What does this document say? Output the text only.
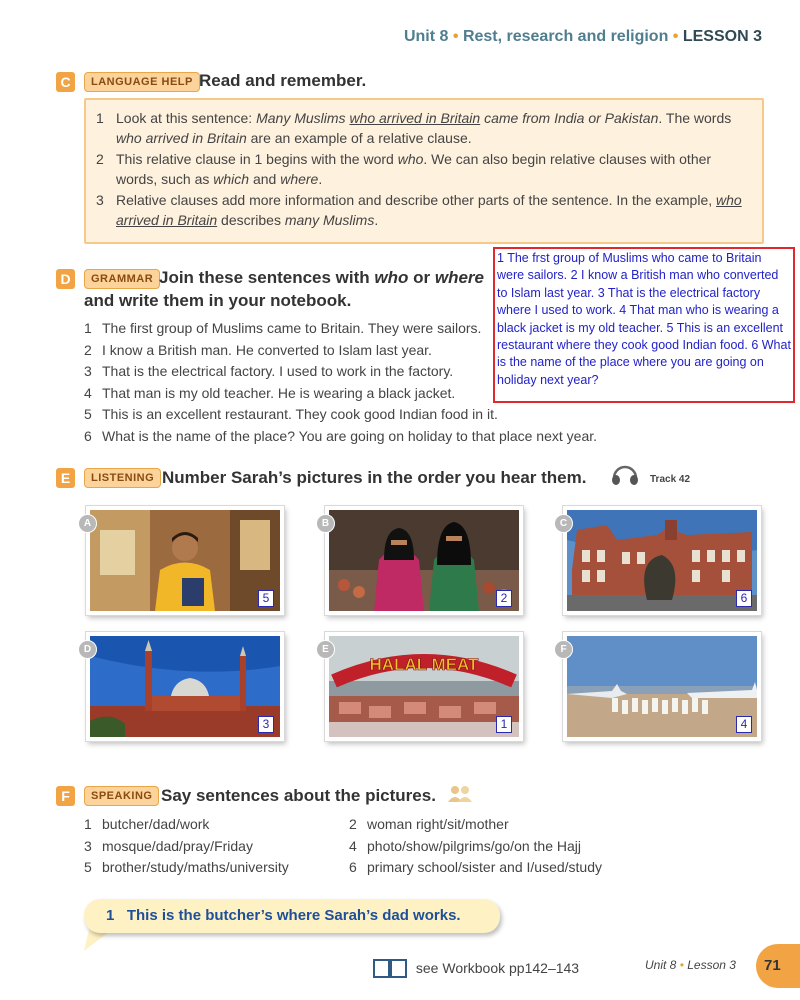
Unit 8 • Rest, research and religion • LESSON 3
C	LANGUAGE HELP Read and remember.
1 Look at this sentence: Many Muslims who arrived in Britain came from India or Pakistan. The words who arrived in Britain are an example of a relative clause.
2 This relative clause in 1 begins with the word who. We can also begin relative clauses with other words, such as which and where.
3 Relative clauses add more information and describe other parts of the sentence. In the example, who arrived in Britain describes many Muslims.
D	GRAMMAR Join these sentences with who or where
and write them in your notebook.
1 The first group of Muslims came to Britain. They were sailors.
2 I know a British man. He converted to Islam last year.
3 That is the electrical factory. I used to work in the factory.
4 That man is my old teacher. He is wearing a black jacket.
5 This is an excellent restaurant. They cook good Indian food in it.
6 What is the name of the place? You are going on holiday to that place next year.
1 The frst group of Muslims who came to Britain were sailors. 2 I know a British man who converted to Islam last year. 3 That is the electrical factory where I used to work. 4 That man who is wearing a black jacket is my old teacher. 5 This is an excellent restaurant where they cook good Indian food. 6 What is the name of the place where you are going on holiday next year?
E	LISTENING Number Sarah’s pictures in the order you hear them.	Track 42
A
5
B
2
C
6
D
3
HALAL MEAT
E
1
F
4
F	SPEAKING Say sentences about the pictures.
1 butcher/dad/work	2 woman right/sit/mother
3 mosque/dad/pray/Friday	4 photo/show/pilgrims/go/on the Hajj
5 brother/study/maths/university	6 primary school/sister and I/used/study
1 This is the butcher’s where Sarah’s dad works.
see Workbook pp142–143	Unit 8 • Lesson 3	71
